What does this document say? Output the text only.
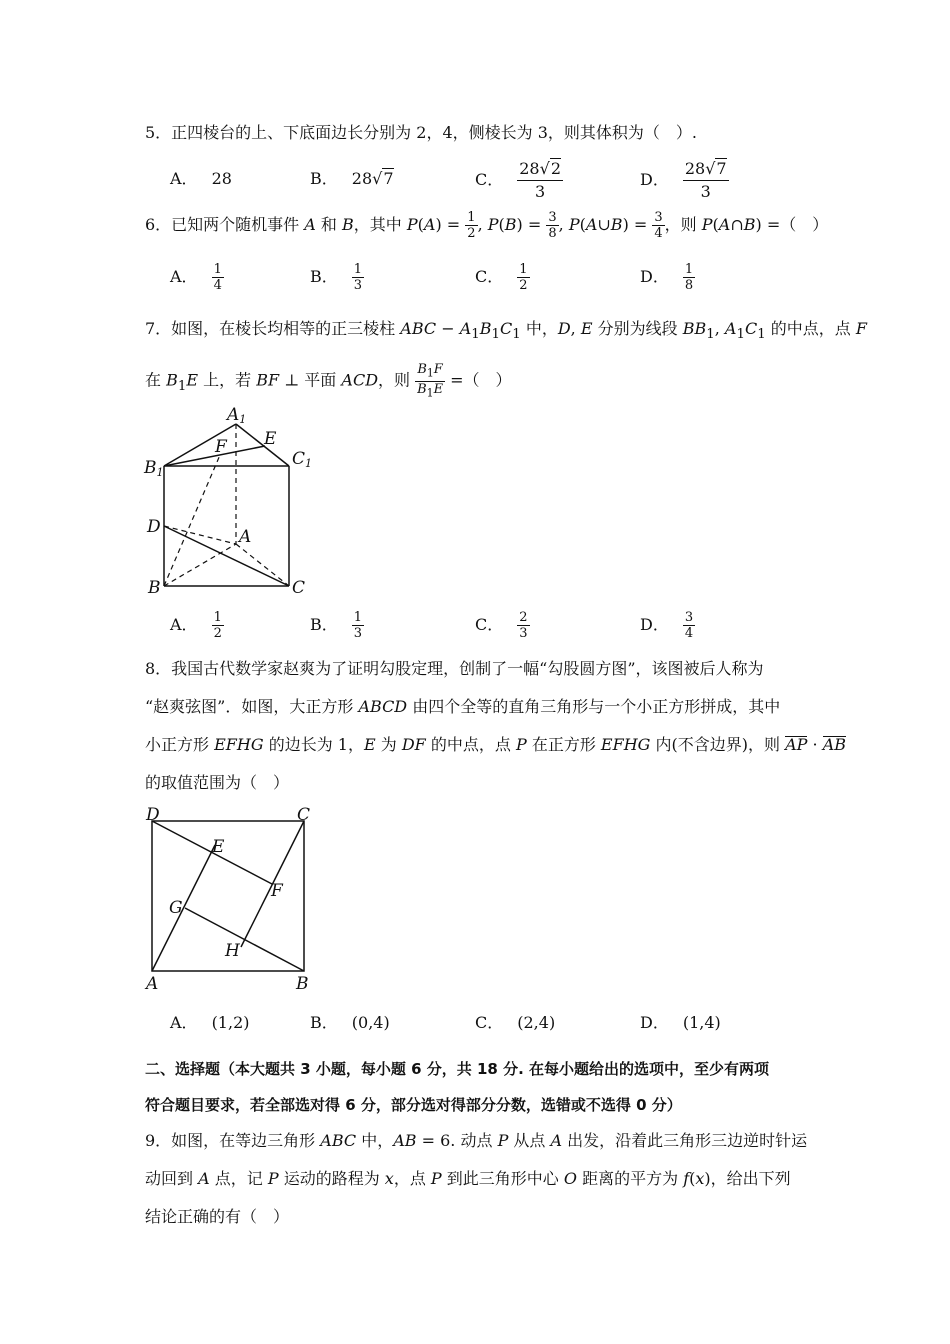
5．正四棱台的上、下底面边长分别为 2，4，侧棱长为 3，则其体积为（　）.
A． 28	B． 28√7	C． $\frac{28√2}{3}$	D． $\frac{28√7}{3}$
6．已知两个随机事件 A 和 B，其中 $P(A) = \frac{1}{2}$ , $P(B) = \frac{3}{8}$ , P(A∪B) = $\frac{3}{4}$ ，则 P(A∩B) =（　）
A． $\frac{1}{4}$	B． $\frac{1}{3}$	C． $\frac{1}{2}$	D． $\frac{1}{8}$
7．如图，在棱长均相等的正三棱柱 ABC − $A_1B_1C_1$ 中，D, E 分别为线段 $BB_1$, $A_1C_1$ 的中点，点 F
在 $B_1E$ 上，若 BF ⊥ 平面 ACD，则 $\frac{B_1F}{B_1E}$ =（　）
A1
E
F
B1
C1
D	A
B	C
A． $\frac{1}{2}$	B． $\frac{1}{3}$	C． $\frac{2}{3}$	D． $\frac{3}{4}$
8．我国古代数学家赵爽为了证明勾股定理，创制了一幅“勾股圆方图”，该图被后人称为
“赵爽弦图”．如图，大正方形 ABCD 由四个全等的直角三角形与一个小正方形拼成，其中
小正方形 EFHG 的边长为 1，E 为 DF 的中点，点 P 在正方形 EFHG 内(不含边界)，则 AP · AB
的取值范围为（　）
D	C
E
F
G
H
A	B
A． (1,2)	B． (0,4)	C． (2,4)	D． (1,4)
二、选择题（本大题共 3 小题，每小题 6 分，共 18 分. 在每小题给出的选项中，至少有两项
符合题目要求，若全部选对得 6 分，部分选对得部分分数，选错或不选得 0 分）
9．如图，在等边三角形 ABC 中，AB = 6. 动点 P 从点 A 出发，沿着此三角形三边逆时针运
动回到 A 点，记 P 运动的路程为 x，点 P 到此三角形中心 O 距离的平方为 f(x)，给出下列
结论正确的有（　）
